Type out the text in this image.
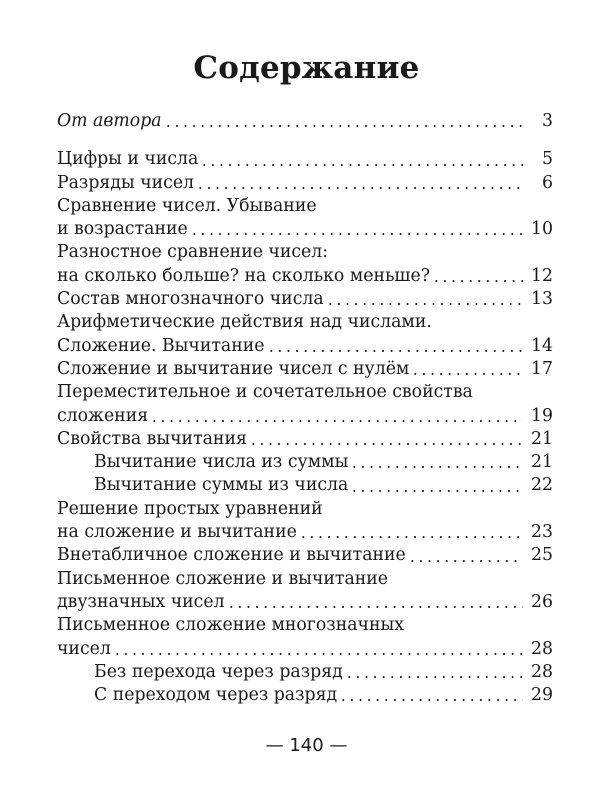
Содержание
От автора	3
Цифры и числа	5
Разряды чисел	6
Сравнение чисел. Убывание
и возрастание	10
Разностное сравнение чисел:
на сколько больше? на сколько меньше?	12
Состав многозначного числа	13
Арифметические действия над числами.
Сложение. Вычитание	14
Сложение и вычитание чисел с нулём	17
Переместительное и сочетательное свойства
сложения	19
Свойства вычитания	21
Вычитание числа из суммы	21
Вычитание суммы из числа	22
Решение простых уравнений
на сложение и вычитание	23
Внетабличное сложение и вычитание	25
Письменное сложение и вычитание
двузначных чисел	26
Письменное сложение многозначных
чисел	28
Без перехода через разряд	28
С переходом через разряд	29
— 140 —
